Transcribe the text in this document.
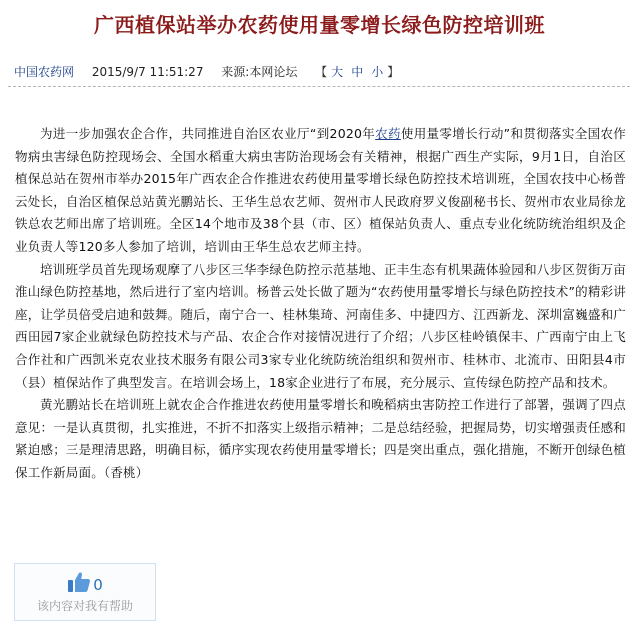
广西植保站举办农药使用量零增长绿色防控培训班
中国农药网 2015/9/7 11:51:27 来源:本网论坛 【 大 中 小 】

为进一步加强农企合作，共同推进自治区农业厅“到2020年农药使用量零增长行动”和贯彻落实全国农作物病虫害绿色防控现场会、全国水稻重大病虫害防治现场会有关精神，根据广西生产实际，9月1日，自治区植保总站在贺州市举办2015年广西农企合作推进农药使用量零增长绿色防控技术培训班，全国农技中心杨普云处长，自治区植保总站黄光鹏站长、王华生总农艺师、贺州市人民政府罗义俊副秘书长、贺州市农业局徐龙铁总农艺师出席了培训班。全区14个地市及38个县（市、区）植保站负责人、重点专业化统防统治组织及企业负责人等120多人参加了培训，培训由王华生总农艺师主持。

培训班学员首先现场观摩了八步区三华李绿色防控示范基地、正丰生态有机果蔬体验园和八步区贺街万亩淮山绿色防控基地，然后进行了室内培训。杨普云处长做了题为“农药使用量零增长与绿色防控技术”的精彩讲座，让学员倍受启迪和鼓舞。随后，南宁合一、桂林集琦、河南佳多、中捷四方、江西新龙、深圳富巍盛和广西田园7家企业就绿色防控技术与产品、农企合作对接情况进行了介绍；八步区桂岭镇保丰、广西南宁由上飞合作社和广西凯米克农业技术服务有限公司3家专业化统防统治组织和贺州市、桂林市、北流市、田阳县4市（县）植保站作了典型发言。在培训会场上，18家企业进行了布展，充分展示、宣传绿色防控产品和技术。

黄光鹏站长在培训班上就农企合作推进农药使用量零增长和晚稻病虫害防控工作进行了部署，强调了四点意见：一是认真贯彻，扎实推进，不折不扣落实上级指示精神；二是总结经验，把握局势，切实增强责任感和紧迫感；三是理清思路，明确目标，循序实现农药使用量零增长；四是突出重点，强化措施，不断开创绿色植保工作新局面。（香桃）

0
该内容对我有帮助
